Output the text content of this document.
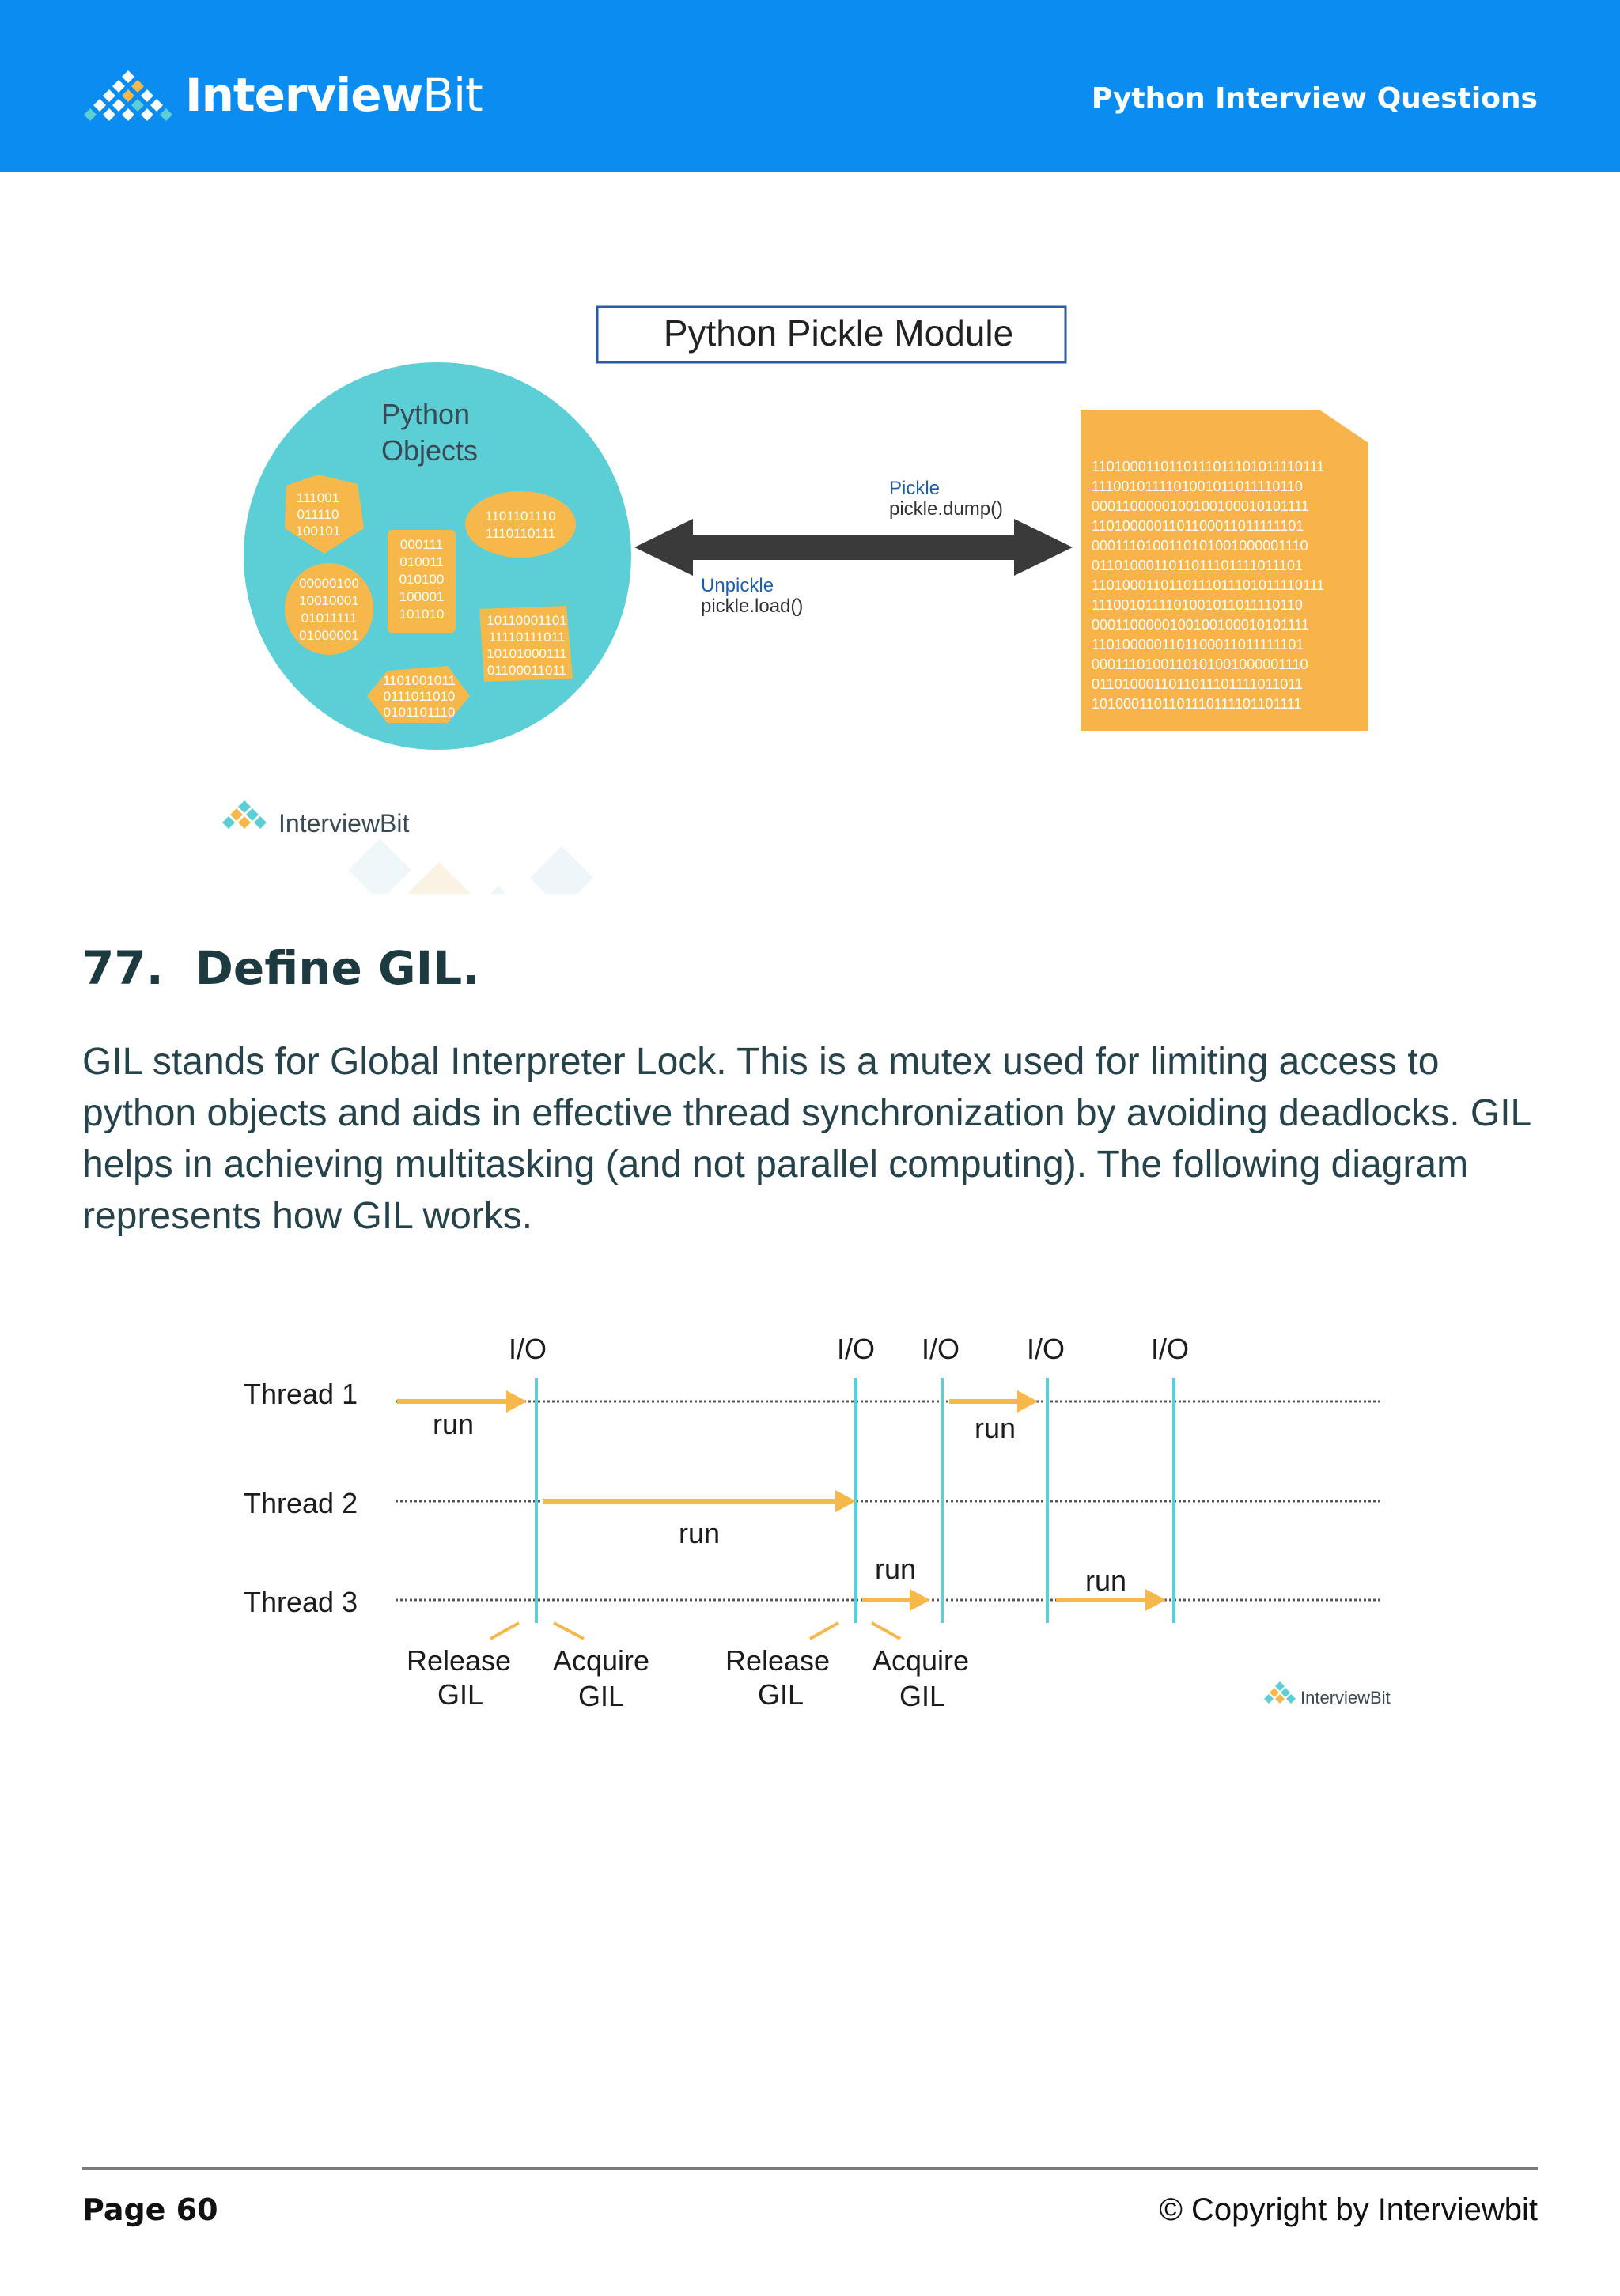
InterviewBit	Python Interview Questions
Python Pickle Module
Python
Objects
111001
011110
100101
1101101110
1110110111
000111
010011
010100
100001
101010
00000100
10010001
01011111
01000001
10110001101
11110111011
10101000111
01100011011
1101001011
0111011010
0101101110
Pickle
pickle.dump()
Unpickle
pickle.load()
1101000110110111011101011110111
1110010111101001011011110110
0001100000100100100010101111
1101000001101100011011111101
0001110100110101001000001110
0110100011011011101111011101
1101000110110111011101011110111
1110010111101001011011110110
0001100000100100100010101111
1101000001101100011011111101
0001110100110101001000001110
0110100011011011101111011011
1010001101101110111101101111
InterviewBit
77. Define GIL.

GIL stands for Global Interpreter Lock. This is a mutex used for limiting access to python objects and aids in effective thread synchronization by avoiding deadlocks. GIL helps in achieving multitasking (and not parallel computing). The following diagram represents how GIL works.

Thread 1
Thread 2
Thread 3
I/O	I/O I/O I/O	I/O
run
run
run
run	run
Release
GIL
Acquire
GIL
Release
GIL
Acquire
GIL	InterviewBit
Page 60	© Copyright by Interviewbit
